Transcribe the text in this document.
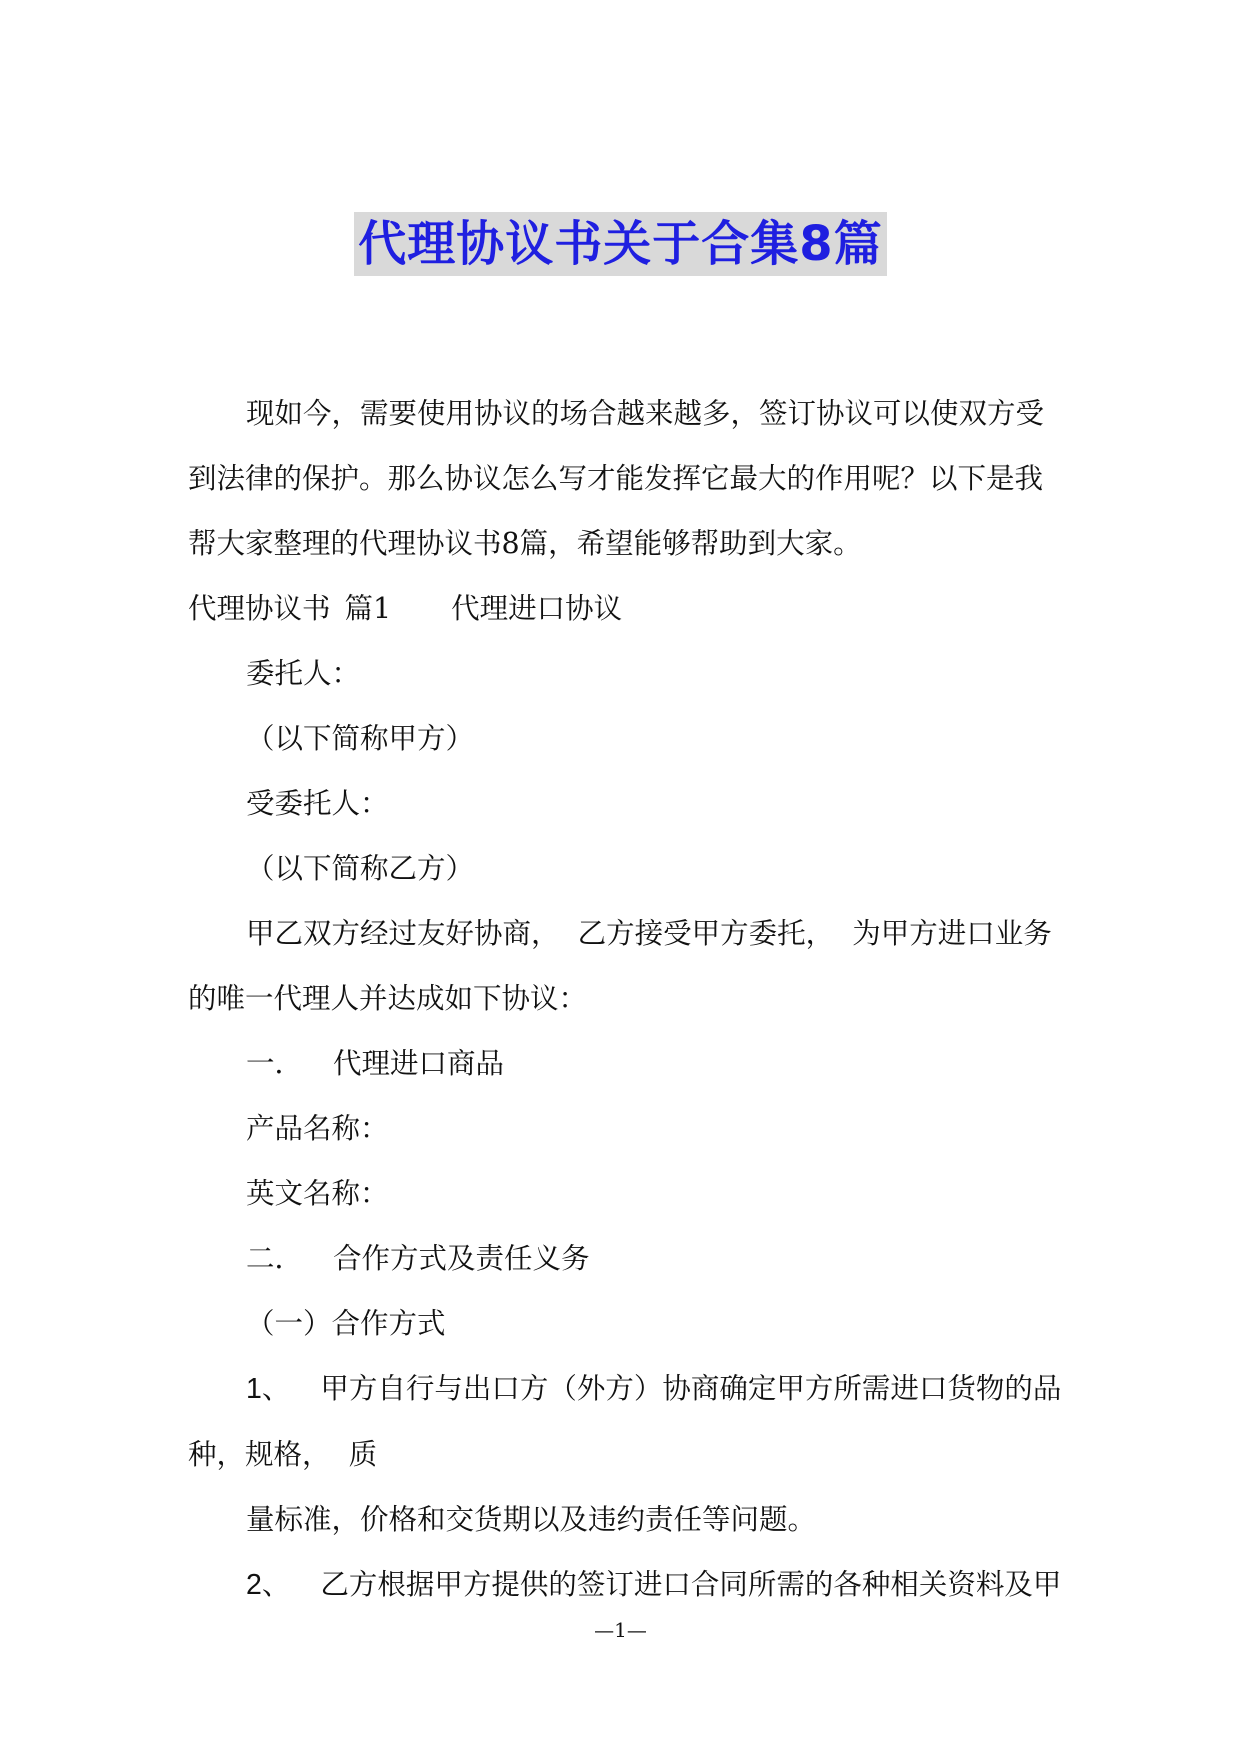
代理协议书关于合集8篇

现如今，需要使用协议的场合越来越多，签订协议可以使双方受

到法律的保护。那么协议怎么写才能发挥它最大的作用呢？以下是我

帮大家整理的代理协议书8篇，希望能够帮助到大家。

代理协议书 篇1 代理进口协议

委托人：

（以下简称甲方）

受委托人：

（以下简称乙方）

甲乙双方经过友好协商，  乙方接受甲方委托，  为甲方进口业务

的唯一代理人并达成如下协议：

一． 代理进口商品

产品名称：

英文名称：

二． 合作方式及责任义务

（一）合作方式

1、 甲方自行与出口方（外方）协商确定甲方所需进口货物的品

种，规格，  质

量标准，价格和交货期以及违约责任等问题。

2、 乙方根据甲方提供的签订进口合同所需的各种相关资料及甲

—1—
